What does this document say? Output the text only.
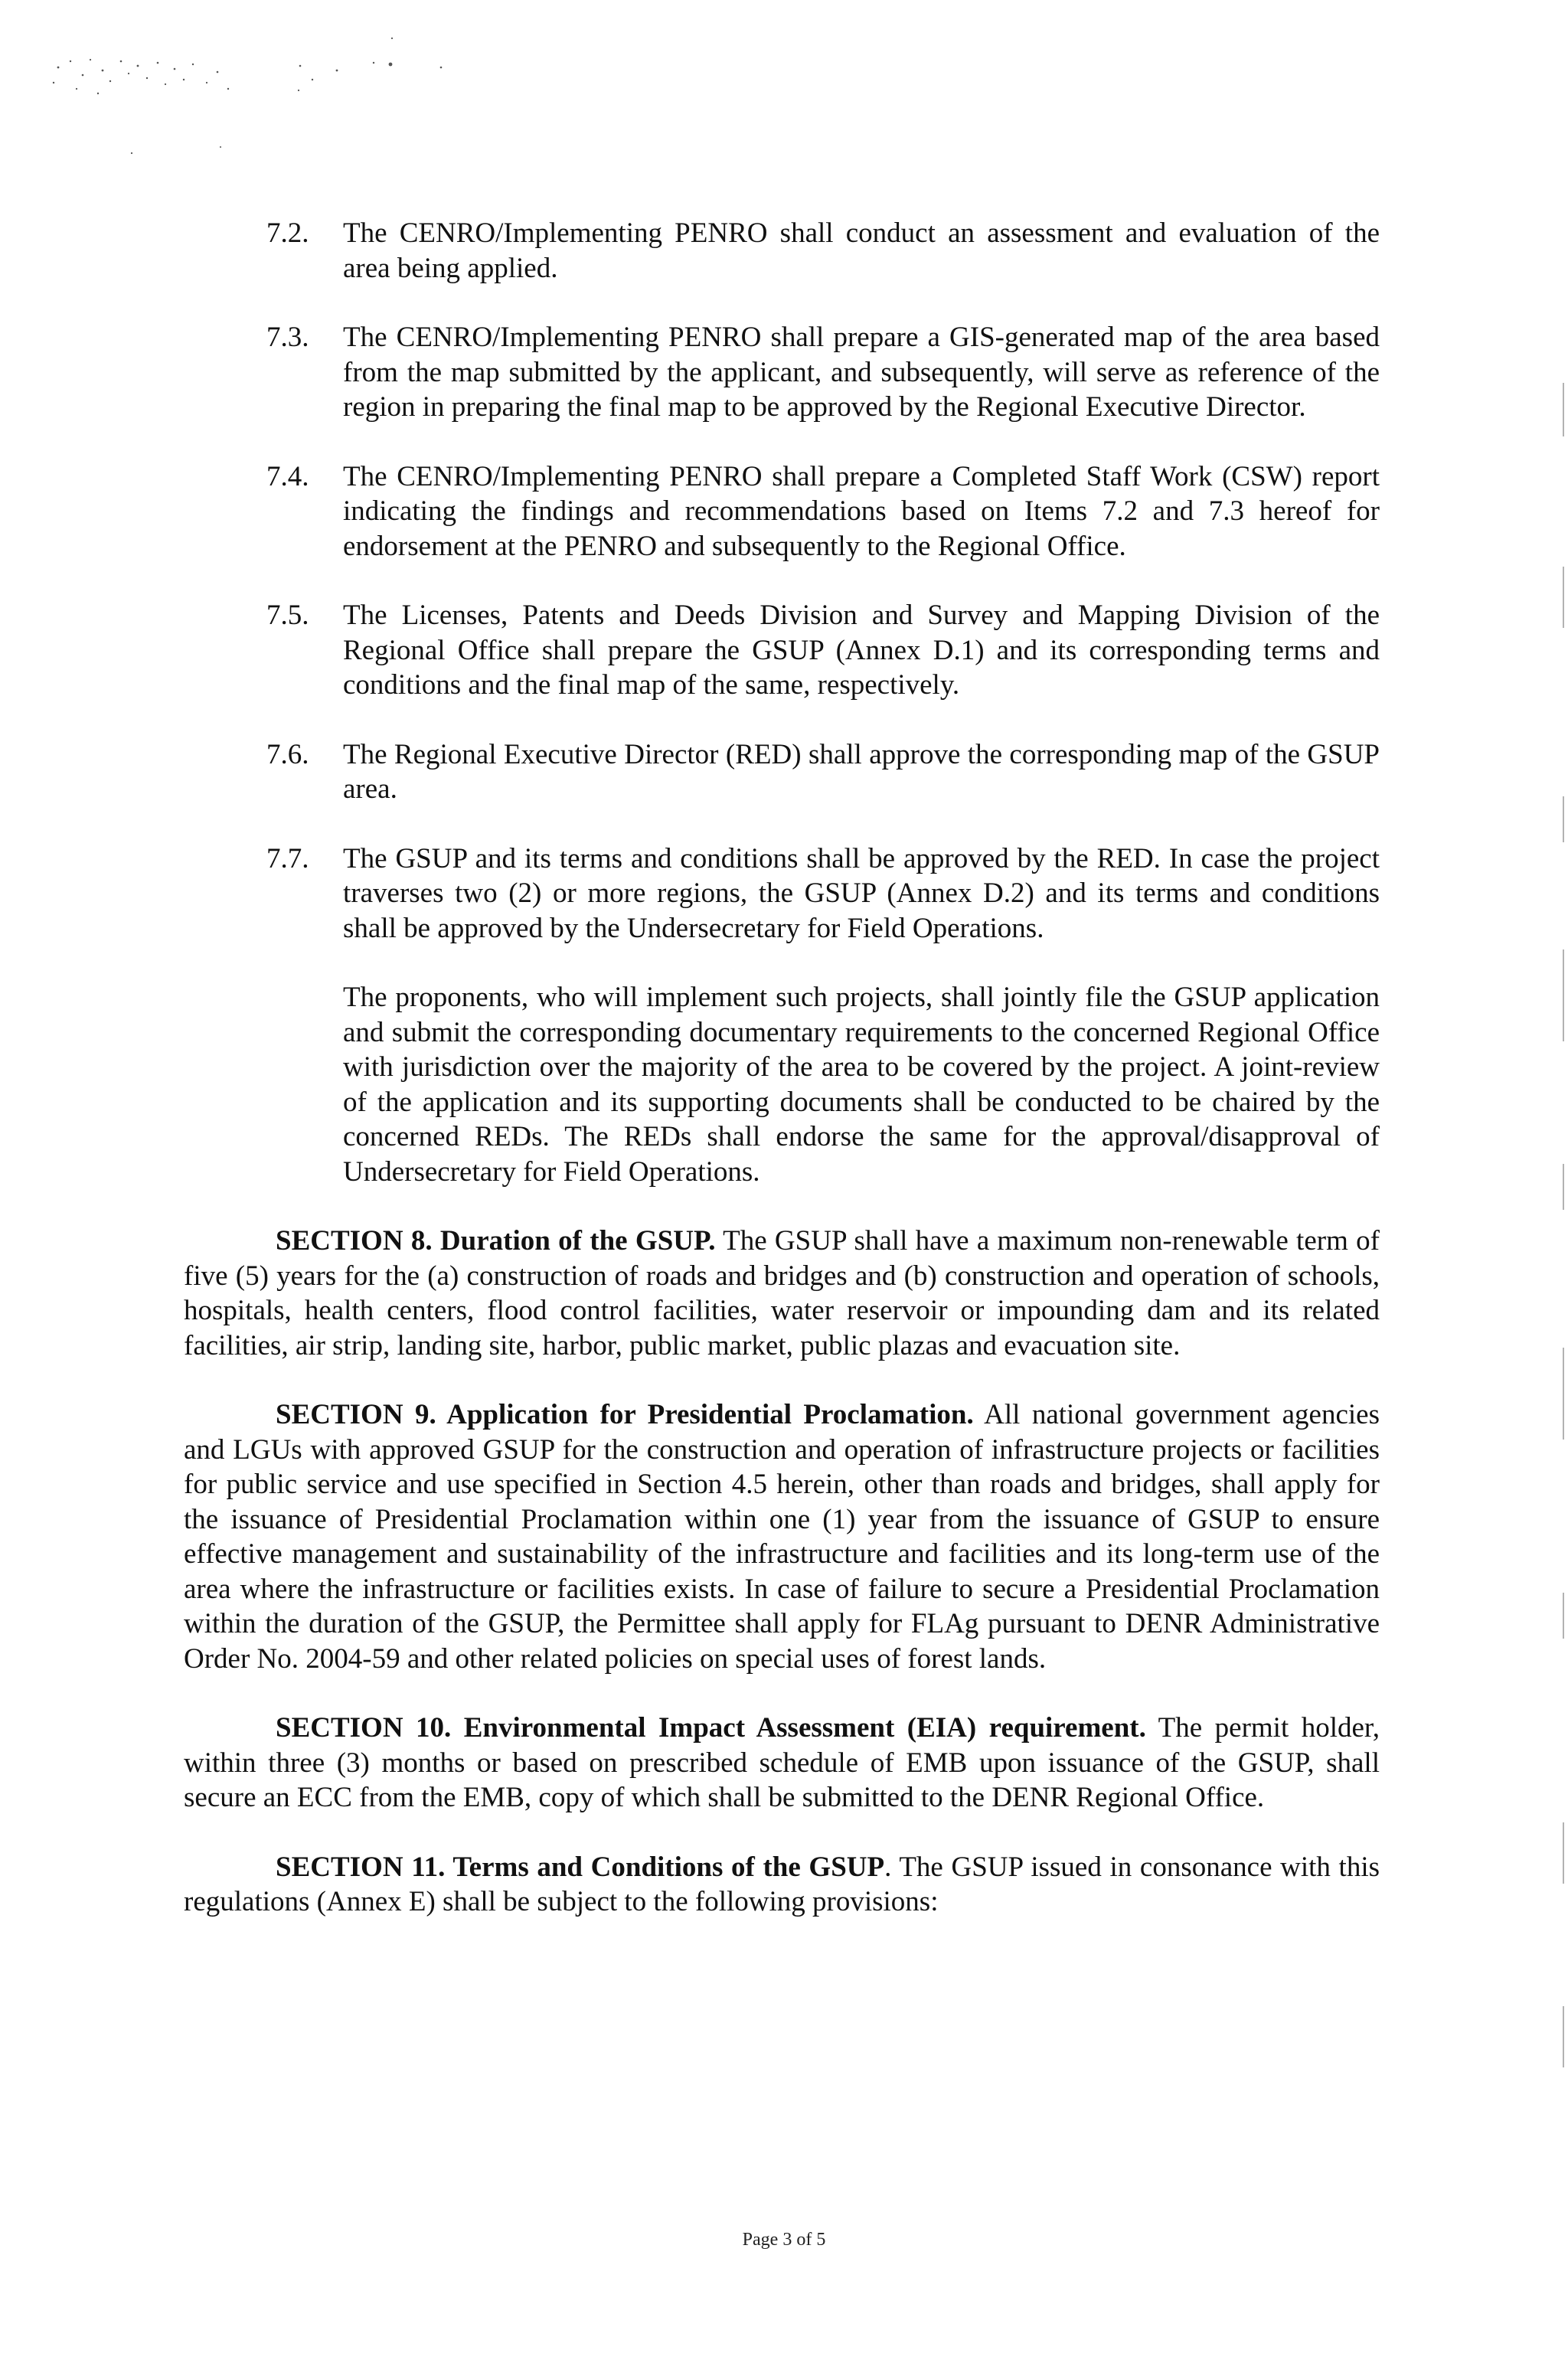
7.2. The CENRO/Implementing PENRO shall conduct an assessment and evaluation of the area being applied.
7.3. The CENRO/Implementing PENRO shall prepare a GIS-generated map of the area based from the map submitted by the applicant, and subsequently, will serve as reference of the region in preparing the final map to be approved by the Regional Executive Director.
7.4. The CENRO/Implementing PENRO shall prepare a Completed Staff Work (CSW) report indicating the findings and recommendations based on Items 7.2 and 7.3 hereof for endorsement at the PENRO and subsequently to the Regional Office.
7.5. The Licenses, Patents and Deeds Division and Survey and Mapping Division of the Regional Office shall prepare the GSUP (Annex D.1) and its corresponding terms and conditions and the final map of the same, respectively.
7.6. The Regional Executive Director (RED) shall approve the corresponding map of the GSUP area.
7.7. The GSUP and its terms and conditions shall be approved by the RED. In case the project traverses two (2) or more regions, the GSUP (Annex D.2) and its terms and conditions shall be approved by the Undersecretary for Field Operations.

The proponents, who will implement such projects, shall jointly file the GSUP application and submit the corresponding documentary requirements to the concerned Regional Office with jurisdiction over the majority of the area to be covered by the project. A joint-review of the application and its supporting documents shall be conducted to be chaired by the concerned REDs. The REDs shall endorse the same for the approval/disapproval of Undersecretary for Field Operations.

SECTION 8. Duration of the GSUP. The GSUP shall have a maximum non-renewable term of five (5) years for the (a) construction of roads and bridges and (b) construction and operation of schools, hospitals, health centers, flood control facilities, water reservoir or impounding dam and its related facilities, air strip, landing site, harbor, public market, public plazas and evacuation site.

SECTION 9. Application for Presidential Proclamation. All national government agencies and LGUs with approved GSUP for the construction and operation of infrastructure projects or facilities for public service and use specified in Section 4.5 herein, other than roads and bridges, shall apply for the issuance of Presidential Proclamation within one (1) year from the issuance of GSUP to ensure effective management and sustainability of the infrastructure and facilities and its long-term use of the area where the infrastructure or facilities exists. In case of failure to secure a Presidential Proclamation within the duration of the GSUP, the Permittee shall apply for FLAg pursuant to DENR Administrative Order No. 2004-59 and other related policies on special uses of forest lands.

SECTION 10. Environmental Impact Assessment (EIA) requirement. The permit holder, within three (3) months or based on prescribed schedule of EMB upon issuance of the GSUP, shall secure an ECC from the EMB, copy of which shall be submitted to the DENR Regional Office.

SECTION 11. Terms and Conditions of the GSUP. The GSUP issued in consonance with this regulations (Annex E) shall be subject to the following provisions:

Page 3 of 5
